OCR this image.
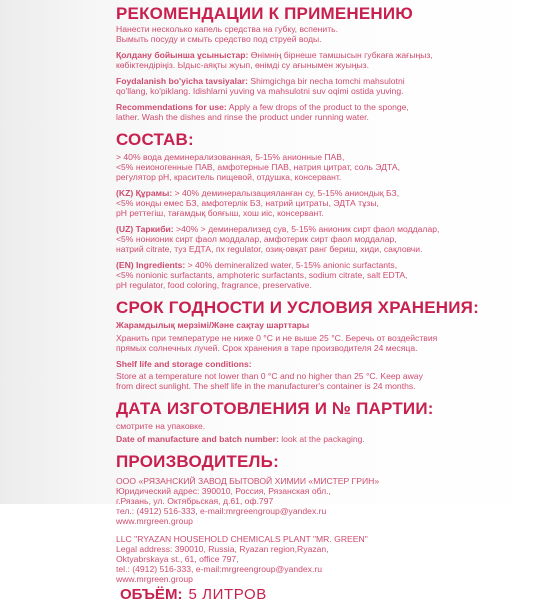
РЕКОМЕНДАЦИИ К ПРИМЕНЕНИЮ

Нанести несколько капель средства на губку, вспенить.

Вымыть посуду и смыть средство под струей воды.

Қолдану бойынша ұсыныстар: Өнімнің бірнеше тамшысын губкаға жағыңыз,

көбіктендіріңіз. Ыдыс-аяқты жуып, өнімді су ағынымен жуыңыз.

Foydalanish bo'yicha tavsiyalar: Shimgichga bir necha tomchi mahsulotni

qo'llang, ko'piklang. Idishlarni yuving va mahsulotni suv oqimi ostida yuving.

Recommendations for use: Apply a few drops of the product to the sponge,

lather. Wash the dishes and rinse the product under running water.

СОСТАВ:

> 40% вода деминерализованная, 5-15% анионные ПАВ,

<5% неионогенные ПАВ, амфотерные ПАВ, натрия цитрат, соль ЭДТА,

регулятор pH, краситель пищевой, отдушка, консервант.

(KZ) Құрамы: > 40% деминералызацияланған су, 5-15% аниондық БЗ,

<5% ионды емес БЗ, амфотерлік БЗ, натрий цитраты, ЭДТА тұзы,

рН реттегіш, тағамдық бояғыш, хош иіс, консервант.

(UZ) Таркиби: >40% > деминерализед сув, 5-15% анионик сирт фаол моддалар,

<5% нонионик сирт фаол моддалар, амфотерик сирт фаол моддалар,

натрий citrate, туз ЕДТА, пх regulator, озиқ-овқат ранг бериш, хиди, сақловчи.

(EN) Ingredients: > 40% demineralized water, 5-15% anionic surfactants,

<5% nonionic surfactants, amphoteric surfactants, sodium citrate, salt EDTA,

pH regulator, food coloring, fragrance, preservative.

СРОК ГОДНОСТИ И УСЛОВИЯ ХРАНЕНИЯ:

Жарамдылық мерзімі/Және сақтау шарттары

Хранить при температуре не ниже 0 °С и не выше 25 °С. Беречь от воздействия

прямых солнечных лучей. Срок хранения в таре производителя 24 месяца.

Shelf life and storage conditions:

Store at a temperature not lower than 0 °C and no higher than 25 °C. Keep away

from direct sunlight. The shelf life in the manufacturer's container is 24 months.

ДАТА ИЗГОТОВЛЕНИЯ И № ПАРТИИ:

смотрите на упаковке.

Date of manufacture and batch number: look at the packaging.

ПРОИЗВОДИТЕЛЬ:

ООО «РЯЗАНСКИЙ ЗАВОД БЫТОВОЙ ХИМИИ «МИСТЕР ГРИН»

Юридический адрес: 390010, Россия, Рязанская обл.,

г.Рязань, ул. Октябрьская, д.61, оф.797

тел.: (4912) 516-333, e-mail:mrgreengroup@yandex.ru

www.mrgreen.group

LLC "RYAZAN HOUSEHOLD CHEMICALS PLANT "MR. GREEN"

Legal address: 390010, Russia, Ryazan region,Ryazan,

Oktyabrskaya st., 61, office 797,

tel.: (4912) 516-333, e-mail:mrgreengroup@yandex.ru

www.mrgreen.group

ОБЪЁМ: 5 ЛИТРОВ
